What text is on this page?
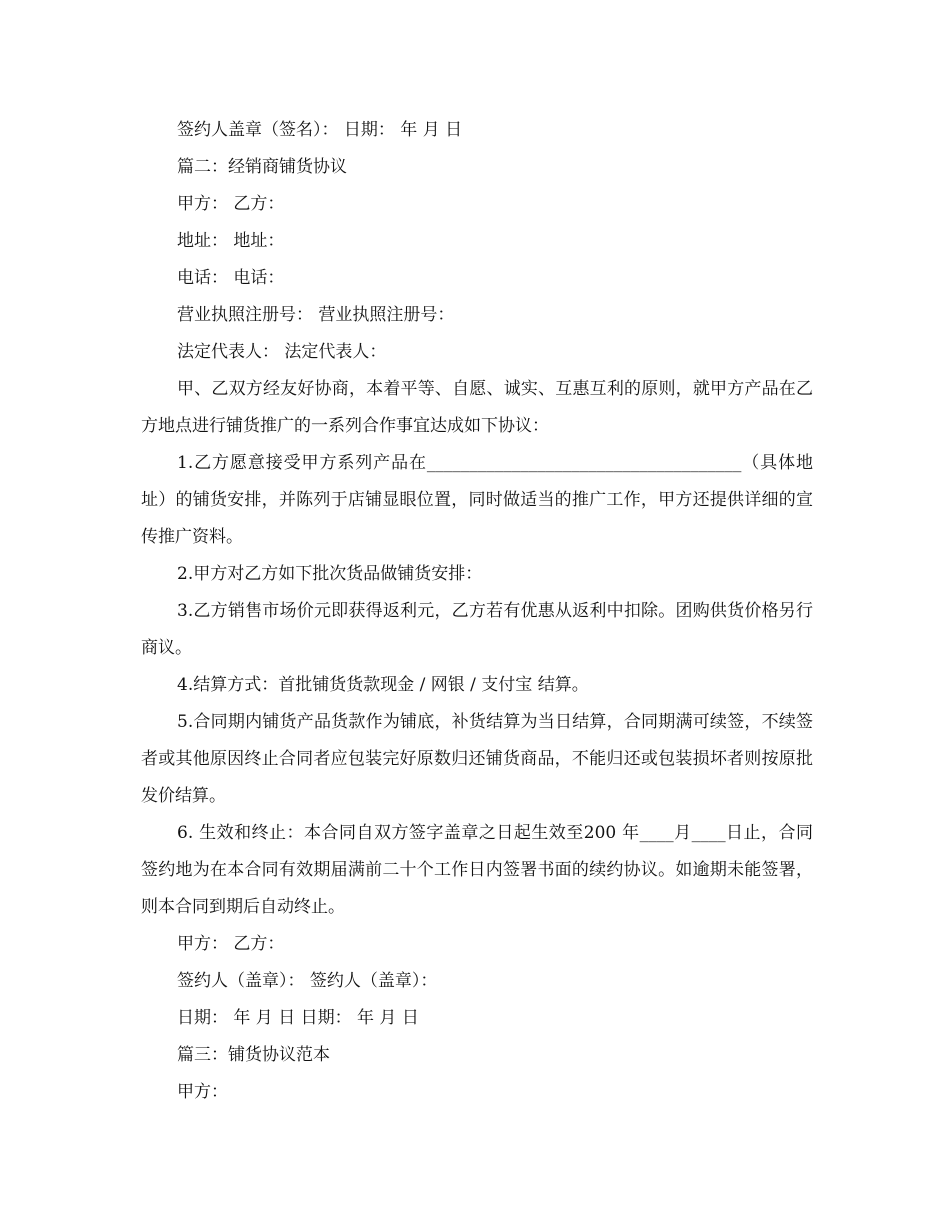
签约人盖章（签名）： 日期： 年 月 日

篇二：经销商铺货协议

甲方： 乙方：

地址： 地址：

电话： 电话：

营业执照注册号： 营业执照注册号：

法定代表人： 法定代表人：

甲、乙双方经友好协商，本着平等、自愿、诚实、互惠互利的原则，就甲方产品在乙方地点进行铺货推广的一系列合作事宜达成如下协议：

1.乙方愿意接受甲方系列产品在_____________________________________（具体地址）的铺货安排，并陈列于店铺显眼位置，同时做适当的推广工作，甲方还提供详细的宣传推广资料。

2.甲方对乙方如下批次货品做铺货安排：

3.乙方销售市场价元即获得返利元，乙方若有优惠从返利中扣除。团购供货价格另行商议。

4.结算方式：首批铺货货款现金 / 网银 / 支付宝 结算。

5.合同期内铺货产品货款作为铺底，补货结算为当日结算，合同期满可续签，不续签者或其他原因终止合同者应包装完好原数归还铺货商品，不能归还或包装损坏者则按原批发价结算。

6. 生效和终止：本合同自双方签字盖章之日起生效至200 年____月____日止，合同签约地为在本合同有效期届满前二十个工作日内签署书面的续约协议。如逾期未能签署，则本合同到期后自动终止。

甲方： 乙方：

签约人（盖章）： 签约人（盖章）：

日期： 年 月 日 日期： 年 月 日

篇三：铺货协议范本

甲方：
